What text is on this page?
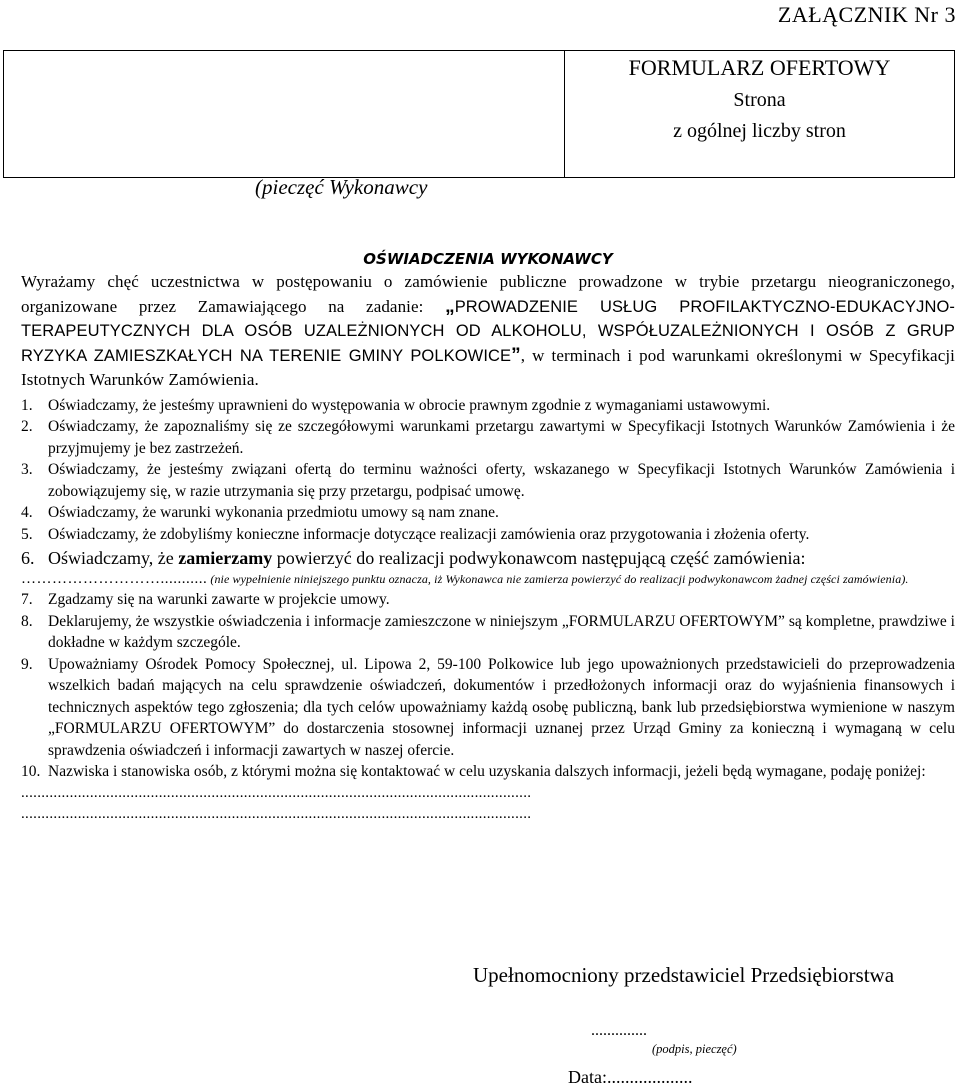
ZAŁĄCZNIK Nr 3

FORMULARZ OFERTOWY
Strona
z ogólnej liczby stron
(pieczęć Wykonawcy
OŚWIADCZENIA WYKONAWCY
Wyrażamy chęć uczestnictwa w postępowaniu o zamówienie publiczne prowadzone w trybie przetargu nieograniczonego, organizowane przez Zamawiającego na zadanie: „PROWADZENIE USŁUG PROFILAKTYCZNO-EDUKACYJNO-TERAPEUTYCZNYCH DLA OSÓB UZALEŻNIONYCH OD ALKOHOLU, WSPÓŁUZALEŻNIONYCH I OSÓB Z GRUP RYZYKA ZAMIESZKAŁYCH NA TERENIE GMINY POLKOWICE”, w terminach i pod warunkami określonymi w Specyfikacji Istotnych Warunków Zamówienia.

1. Oświadczamy, że jesteśmy uprawnieni do występowania w obrocie prawnym zgodnie z wymaganiami ustawowymi.

2. Oświadczamy, że zapoznaliśmy się ze szczegółowymi warunkami przetargu zawartymi w Specyfikacji Istotnych Warunków Zamówienia i że przyjmujemy je bez zastrzeżeń.

3. Oświadczamy, że jesteśmy związani ofertą do terminu ważności oferty, wskazanego w Specyfikacji Istotnych Warunków Zamówienia i zobowiązujemy się, w razie utrzymania się przy przetargu, podpisać umowę.

4. Oświadczamy, że warunki wykonania przedmiotu umowy są nam znane.

5. Oświadczamy, że zdobyliśmy konieczne informacje dotyczące realizacji zamówienia oraz przygotowania i złożenia oferty.

6. Oświadczamy, że zamierzamy powierzyć do realizacji podwykonawcom następującą część zamówienia:

………………………........... (nie wypełnienie niniejszego punktu oznacza, iż Wykonawca nie zamierza powierzyć do realizacji podwykonawcom żadnej części zamówienia).

7. Zgadzamy się na warunki zawarte w projekcie umowy.

8. Deklarujemy, że wszystkie oświadczenia i informacje zamieszczone w niniejszym „FORMULARZU OFERTOWYM” są kompletne, prawdziwe i dokładne w każdym szczególe.

9. Upoważniamy Ośrodek Pomocy Społecznej, ul. Lipowa 2, 59-100 Polkowice lub jego upoważnionych przedstawicieli do przeprowadzenia wszelkich badań mających na celu sprawdzenie oświadczeń, dokumentów i przedłożonych informacji oraz do wyjaśnienia finansowych i technicznych aspektów tego zgłoszenia; dla tych celów upoważniamy każdą osobę publiczną, bank lub przedsiębiorstwa wymienione w naszym „FORMULARZU OFERTOWYM” do dostarczenia stosownej informacji uznanej przez Urząd Gminy za konieczną i wymaganą w celu sprawdzenia oświadczeń i informacji zawartych w naszej ofercie.

10. Nazwiska i stanowiska osób, z którymi można się kontaktować w celu uzyskania dalszych informacji, jeżeli będą wymagane, podaję poniżej:

..............................................................................................................................

..............................................................................................................................

Upełnomocniony przedstawiciel Przedsiębiorstwa
..............
(podpis, pieczęć)
Data:...................
